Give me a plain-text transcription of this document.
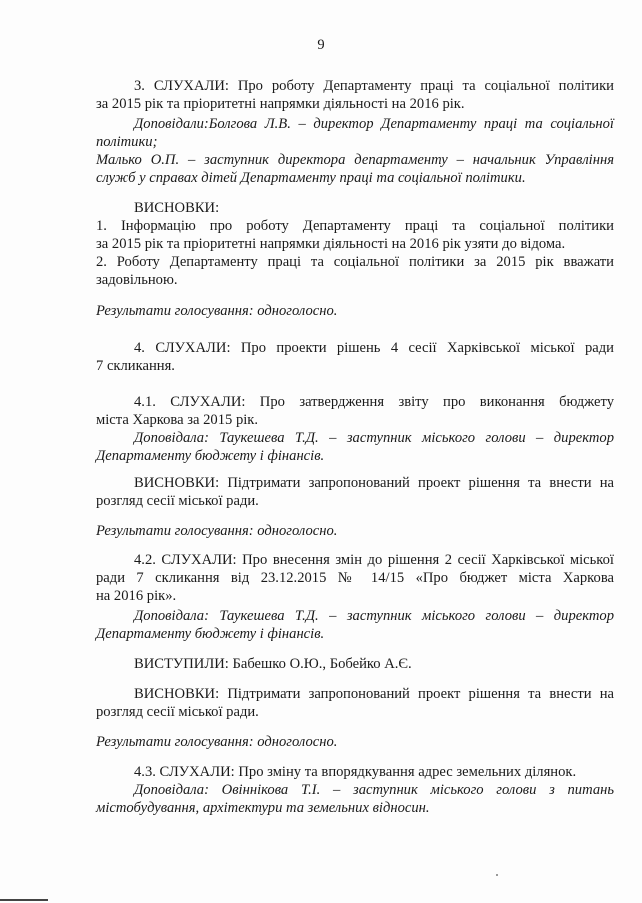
9
3. СЛУХАЛИ: Про роботу Департаменту праці та соціальної політики
за 2015 рік та пріоритетні напрямки діяльності на 2016 рік.
Доповідали:Болгова Л.В. – директор Департаменту праці та соціальної
політики;
Малько О.П. – заступник директора департаменту – начальник Управління
служб у справах дітей Департаменту праці та соціальної політики.
ВИСНОВКИ:
1. Інформацію про роботу Департаменту праці та соціальної політики
за 2015 рік та пріоритетні напрямки діяльності на 2016 рік узяти до відома.
2. Роботу Департаменту праці та соціальної політики за 2015 рік вважати
задовільною.
Результати голосування: одноголосно.
4. СЛУХАЛИ: Про проекти рішень 4 сесії Харківської міської ради
7 скликання.
4.1. СЛУХАЛИ: Про затвердження звіту про виконання бюджету
міста Харкова за 2015 рік.
Доповідала: Таукешева Т.Д. – заступник міського голови – директор
Департаменту бюджету і фінансів.
ВИСНОВКИ: Підтримати запропонований проект рішення та внести на
розгляд сесії міської ради.
Результати голосування: одноголосно.
4.2. СЛУХАЛИ: Про внесення змін до рішення 2 сесії Харківської міської
ради 7 скликання від 23.12.2015 № 14/15 «Про бюджет міста Харкова
на 2016 рік».
Доповідала: Таукешева Т.Д. – заступник міського голови – директор
Департаменту бюджету і фінансів.
ВИСТУПИЛИ: Бабешко О.Ю., Бобейко А.Є.
ВИСНОВКИ: Підтримати запропонований проект рішення та внести на
розгляд сесії міської ради.
Результати голосування: одноголосно.
4.3. СЛУХАЛИ: Про зміну та впорядкування адрес земельних ділянок.
Доповідала: Овіннікова Т.І. – заступник міського голови з питань
містобудування, архітектури та земельних відносин.
